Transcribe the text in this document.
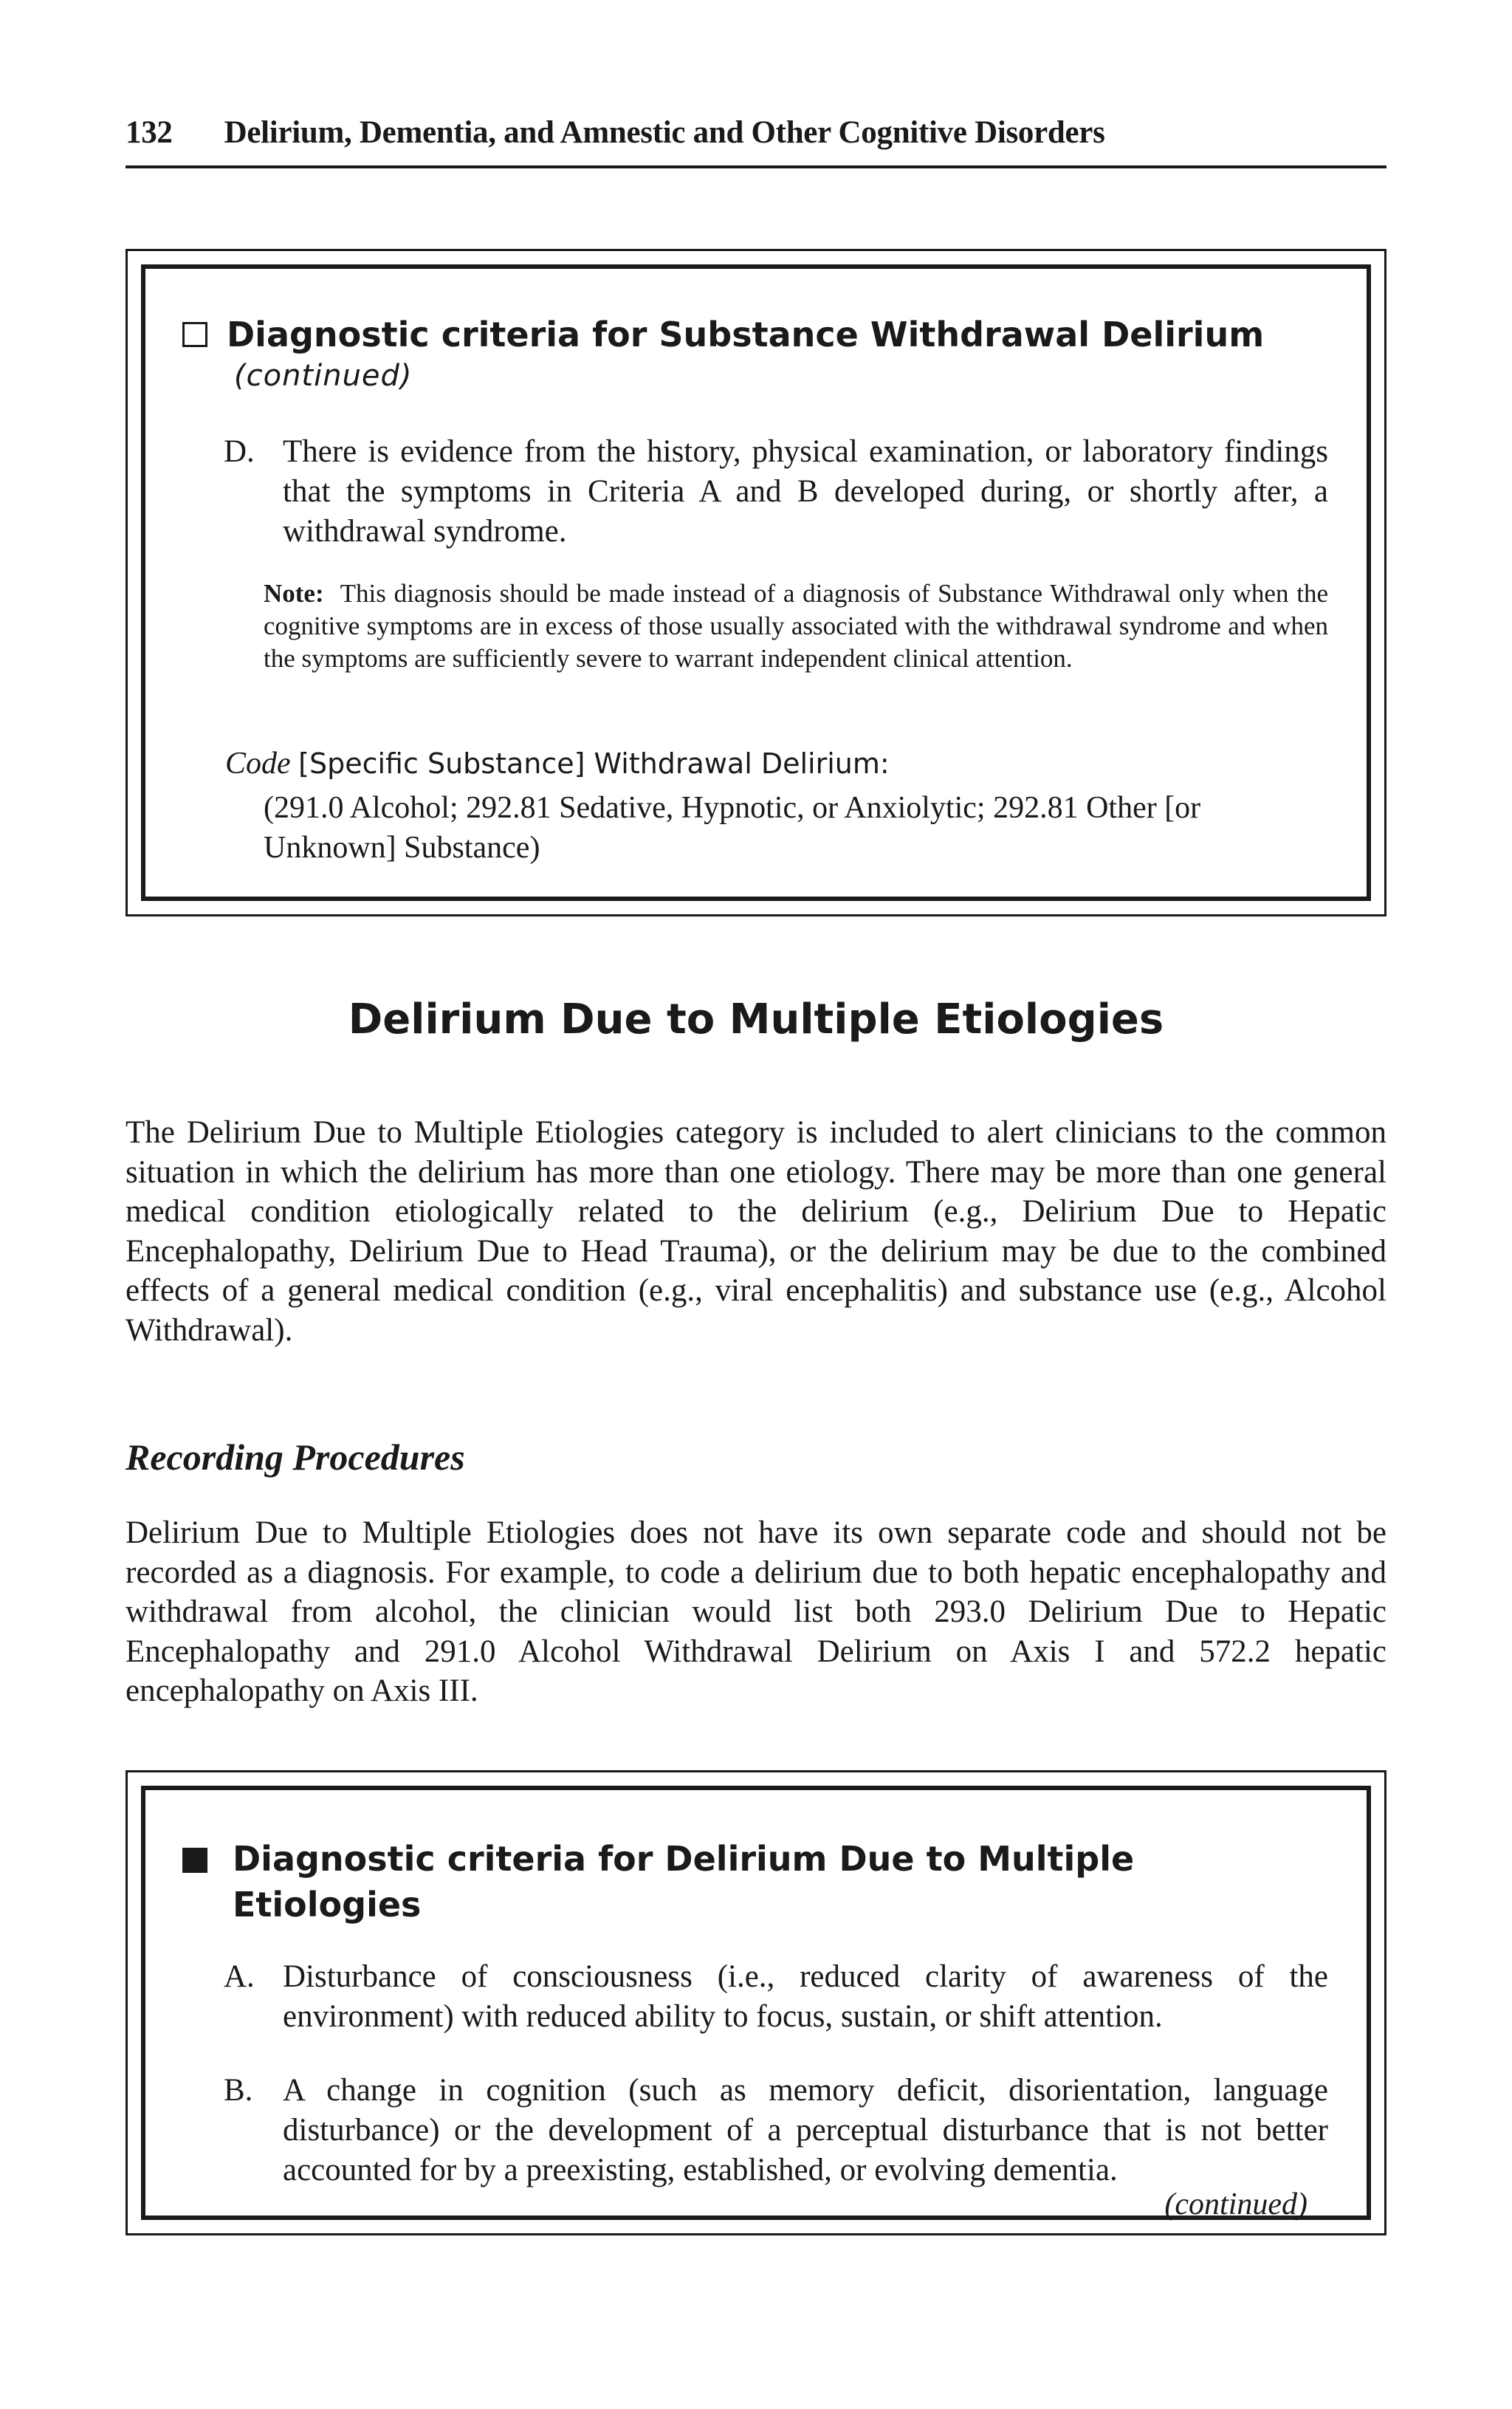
132 Delirium, Dementia, and Amnestic and Other Cognitive Disorders
Diagnostic criteria for Substance Withdrawal Delirium
(continued)
D. There is evidence from the history, physical examination, or laboratory findings that the symptoms in Criteria A and B developed during, or shortly after, a withdrawal syndrome.
Note: This diagnosis should be made instead of a diagnosis of Substance Withdrawal only when the cognitive symptoms are in excess of those usually associated with the withdrawal syndrome and when the symptoms are sufficiently severe to warrant independent clinical attention.
Code [Specific Substance] Withdrawal Delirium:
(291.0 Alcohol; 292.81 Sedative, Hypnotic, or Anxiolytic; 292.81 Other [or Unknown] Substance)
Delirium Due to Multiple Etiologies
The Delirium Due to Multiple Etiologies category is included to alert clinicians to the common situation in which the delirium has more than one etiology. There may be more than one general medical condition etiologically related to the delirium (e.g., Delirium Due to Hepatic Encephalopathy, Delirium Due to Head Trauma), or the delirium may be due to the combined effects of a general medical condition (e.g., viral encephalitis) and substance use (e.g., Alcohol Withdrawal).
Recording Procedures
Delirium Due to Multiple Etiologies does not have its own separate code and should not be recorded as a diagnosis. For example, to code a delirium due to both hepatic encephalopathy and withdrawal from alcohol, the clinician would list both 293.0 Delirium Due to Hepatic Encephalopathy and 291.0 Alcohol Withdrawal Delirium on Axis I and 572.2 hepatic encephalopathy on Axis III.
Diagnostic criteria for Delirium Due to Multiple
Etiologies
A. Disturbance of consciousness (i.e., reduced clarity of awareness of the environment) with reduced ability to focus, sustain, or shift attention.
B. A change in cognition (such as memory deficit, disorientation, language disturbance) or the development of a perceptual disturbance that is not better accounted for by a preexisting, established, or evolving dementia.
(continued)
